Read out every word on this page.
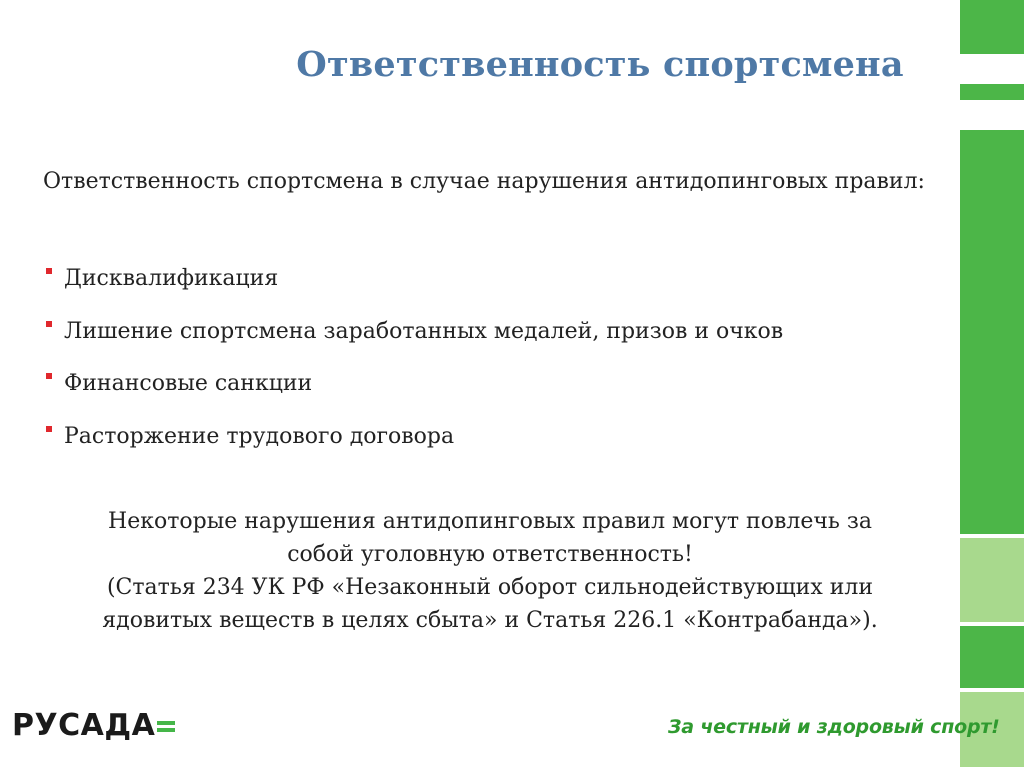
Ответственность спортсмена
Ответственность спортсмена в случае нарушения антидопинговых правил:
Дисквалификация
Лишение спортсмена заработанных медалей, призов и очков
Финансовые санкции
Расторжение трудового договора
Некоторые нарушения антидопинговых правил могут повлечь за
собой уголовную ответственность!
(Статья 234 УК РФ «Незаконный оборот сильнодействующих или
ядовитых веществ в целях сбыта» и Статья 226.1 «Контрабанда»).
РУСАДА	За честный и здоровый спорт!
